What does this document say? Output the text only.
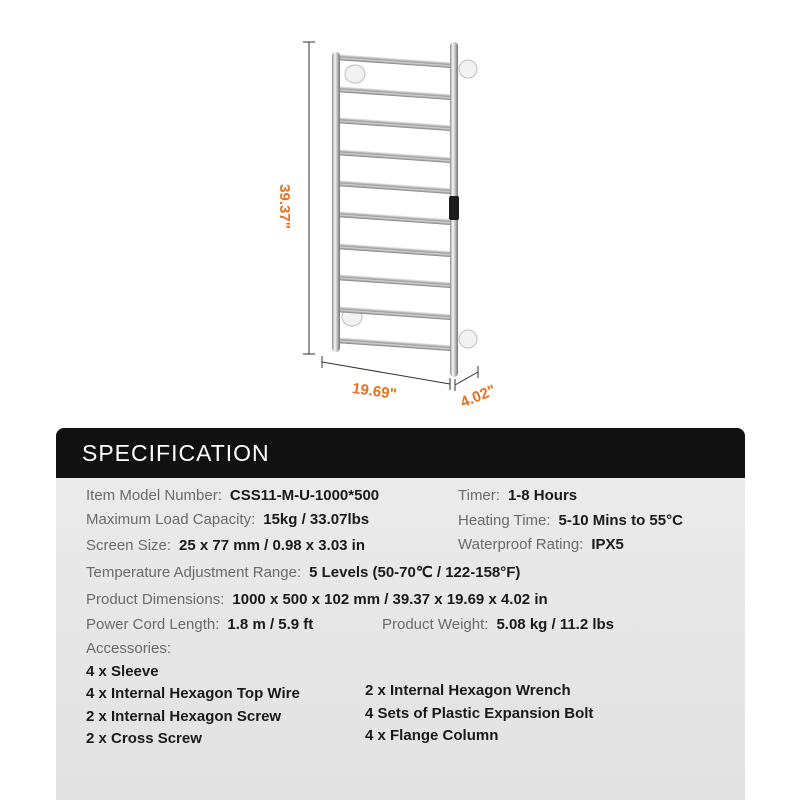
39.37"
19.69"	4.02"
SPECIFICATION
Item Model Number: CSS11-M-U-1000*500	Timer: 1-8 Hours
Maximum Load Capacity: 15kg / 33.07lbs	Heating Time: 5-10 Mins to 55°C
Screen Size: 25 x 77 mm / 0.98 x 3.03 in	Waterproof Rating: IPX5
Temperature Adjustment Range: 5 Levels (50-70℃ / 122-158°F)
Product Dimensions: 1000 x 500 x 102 mm / 39.37 x 19.69 x 4.02 in
Power Cord Length: 1.8 m / 5.9 ft	Product Weight: 5.08 kg / 11.2 lbs
Accessories:
4 x Sleeve
4 x Internal Hexagon Top Wire
2 x Internal Hexagon Screw
2 x Cross Screw
2 x Internal Hexagon Wrench
4 Sets of Plastic Expansion Bolt
4 x Flange Column
